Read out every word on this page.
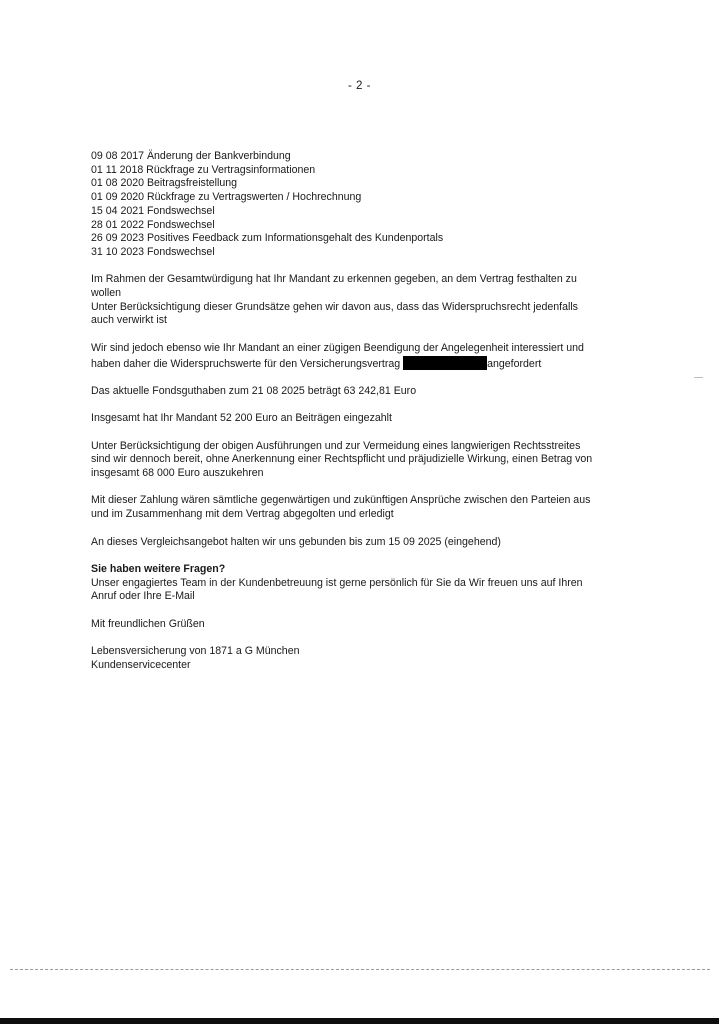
- 2 -
09 08 2017 Änderung der Bankverbindung
01 11 2018 Rückfrage zu Vertragsinformationen
01 08 2020 Beitragsfreistellung
01 09 2020 Rückfrage zu Vertragswerten / Hochrechnung
15 04 2021 Fondswechsel
28 01 2022 Fondswechsel
26 09 2023 Positives Feedback zum Informationsgehalt des Kundenportals
31 10 2023 Fondswechsel
Im Rahmen der Gesamtwürdigung hat Ihr Mandant zu erkennen gegeben, an dem Vertrag festhalten zu
wollen
Unter Berücksichtigung dieser Grundsätze gehen wir davon aus, dass das Widerspruchsrecht jedenfalls
auch verwirkt ist
Wir sind jedoch ebenso wie Ihr Mandant an einer zügigen Beendigung der Angelegenheit interessiert und
haben daher die Widerspruchswerte für den Versicherungsvertrag	angefordert
Das aktuelle Fondsguthaben zum 21 08 2025 beträgt 63 242,81 Euro
Insgesamt hat Ihr Mandant 52 200 Euro an Beiträgen eingezahlt
Unter Berücksichtigung der obigen Ausführungen und zur Vermeidung eines langwierigen Rechtsstreites
sind wir dennoch bereit, ohne Anerkennung einer Rechtspflicht und präjudizielle Wirkung, einen Betrag von
insgesamt 68 000 Euro auszukehren
Mit dieser Zahlung wären sämtliche gegenwärtigen und zukünftigen Ansprüche zwischen den Parteien aus
und im Zusammenhang mit dem Vertrag abgegolten und erledigt
An dieses Vergleichsangebot halten wir uns gebunden bis zum 15 09 2025 (eingehend)
Sie haben weitere Fragen?
Unser engagiertes Team in der Kundenbetreuung ist gerne persönlich für Sie da Wir freuen uns auf Ihren
Anruf oder Ihre E-Mail
Mit freundlichen Grüßen
Lebensversicherung von 1871 a G München
Kundenservicecenter
